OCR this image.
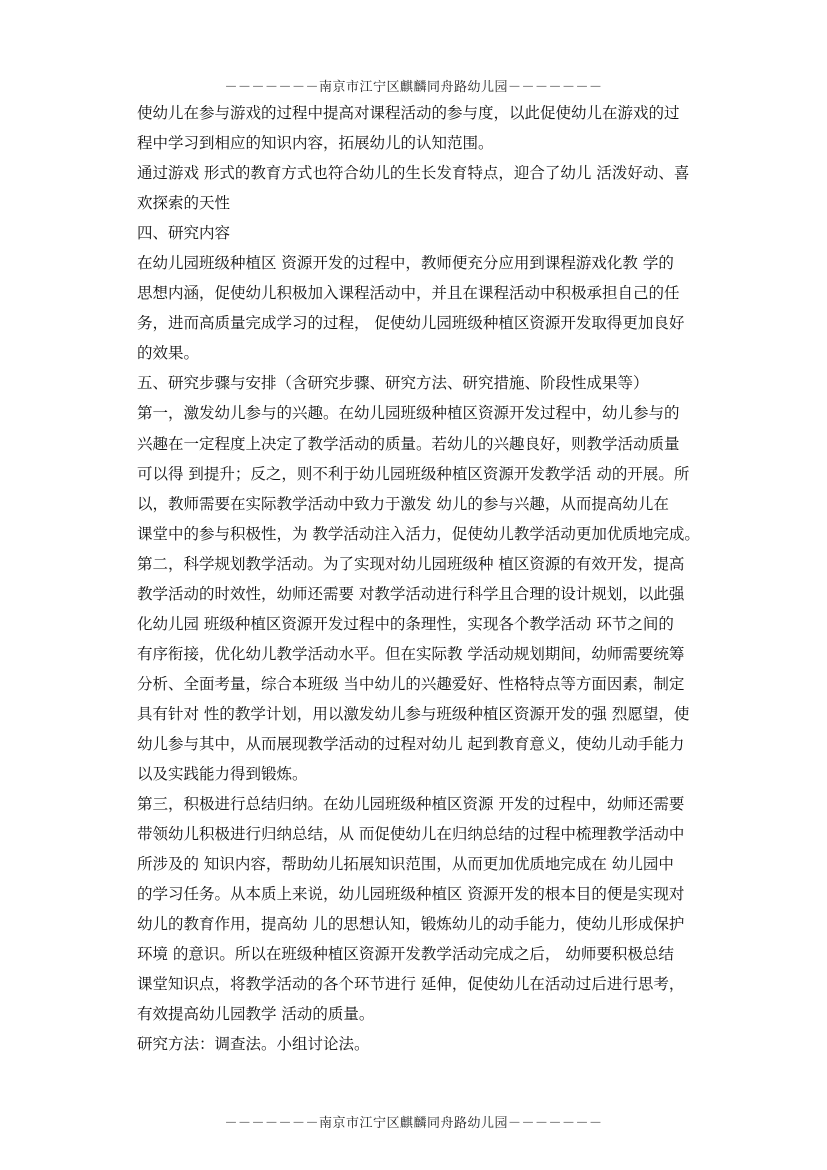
－－－－－－－南京市江宁区麒麟同舟路幼儿园－－－－－－－
使幼儿在参与游戏的过程中提高对课程活动的参与度，以此促使幼儿在游戏的过
程中学习到相应的知识内容，拓展幼儿的认知范围。
通过游戏 形式的教育方式也符合幼儿的生长发育特点，迎合了幼儿 活泼好动、喜
欢探索的天性
四、研究内容
在幼儿园班级种植区 资源开发的过程中，教师便充分应用到课程游戏化教 学的
思想内涵，促使幼儿积极加入课程活动中，并且在课程活动中积极承担自己的任
务，进而高质量完成学习的过程， 促使幼儿园班级种植区资源开发取得更加良好
的效果。
五、研究步骤与安排（含研究步骤、研究方法、研究措施、阶段性成果等）
第一，激发幼儿参与的兴趣。在幼儿园班级种植区资源开发过程中，幼儿参与的
兴趣在一定程度上决定了教学活动的质量。若幼儿的兴趣良好，则教学活动质量
可以得 到提升；反之，则不利于幼儿园班级种植区资源开发教学活 动的开展。所
以，教师需要在实际教学活动中致力于激发 幼儿的参与兴趣，从而提高幼儿在
课堂中的参与积极性，为 教学活动注入活力，促使幼儿教学活动更加优质地完成。
第二，科学规划教学活动。为了实现对幼儿园班级种 植区资源的有效开发，提高
教学活动的时效性，幼师还需要 对教学活动进行科学且合理的设计规划，以此强
化幼儿园 班级种植区资源开发过程中的条理性，实现各个教学活动 环节之间的
有序衔接，优化幼儿教学活动水平。但在实际教 学活动规划期间，幼师需要统筹
分析、全面考量，综合本班级 当中幼儿的兴趣爱好、性格特点等方面因素，制定
具有针对 性的教学计划，用以激发幼儿参与班级种植区资源开发的强 烈愿望，使
幼儿参与其中，从而展现教学活动的过程对幼儿 起到教育意义，使幼儿动手能力
以及实践能力得到锻炼。
第三，积极进行总结归纳。在幼儿园班级种植区资源 开发的过程中，幼师还需要
带领幼儿积极进行归纳总结，从 而促使幼儿在归纳总结的过程中梳理教学活动中
所涉及的 知识内容，帮助幼儿拓展知识范围，从而更加优质地完成在 幼儿园中
的学习任务。从本质上来说，幼儿园班级种植区 资源开发的根本目的便是实现对
幼儿的教育作用，提高幼 儿的思想认知，锻炼幼儿的动手能力，使幼儿形成保护
环境 的意识。所以在班级种植区资源开发教学活动完成之后， 幼师要积极总结
课堂知识点，将教学活动的各个环节进行 延伸，促使幼儿在活动过后进行思考，
有效提高幼儿园教学 活动的质量。
研究方法：调查法。小组讨论法。
－－－－－－－南京市江宁区麒麟同舟路幼儿园－－－－－－－
